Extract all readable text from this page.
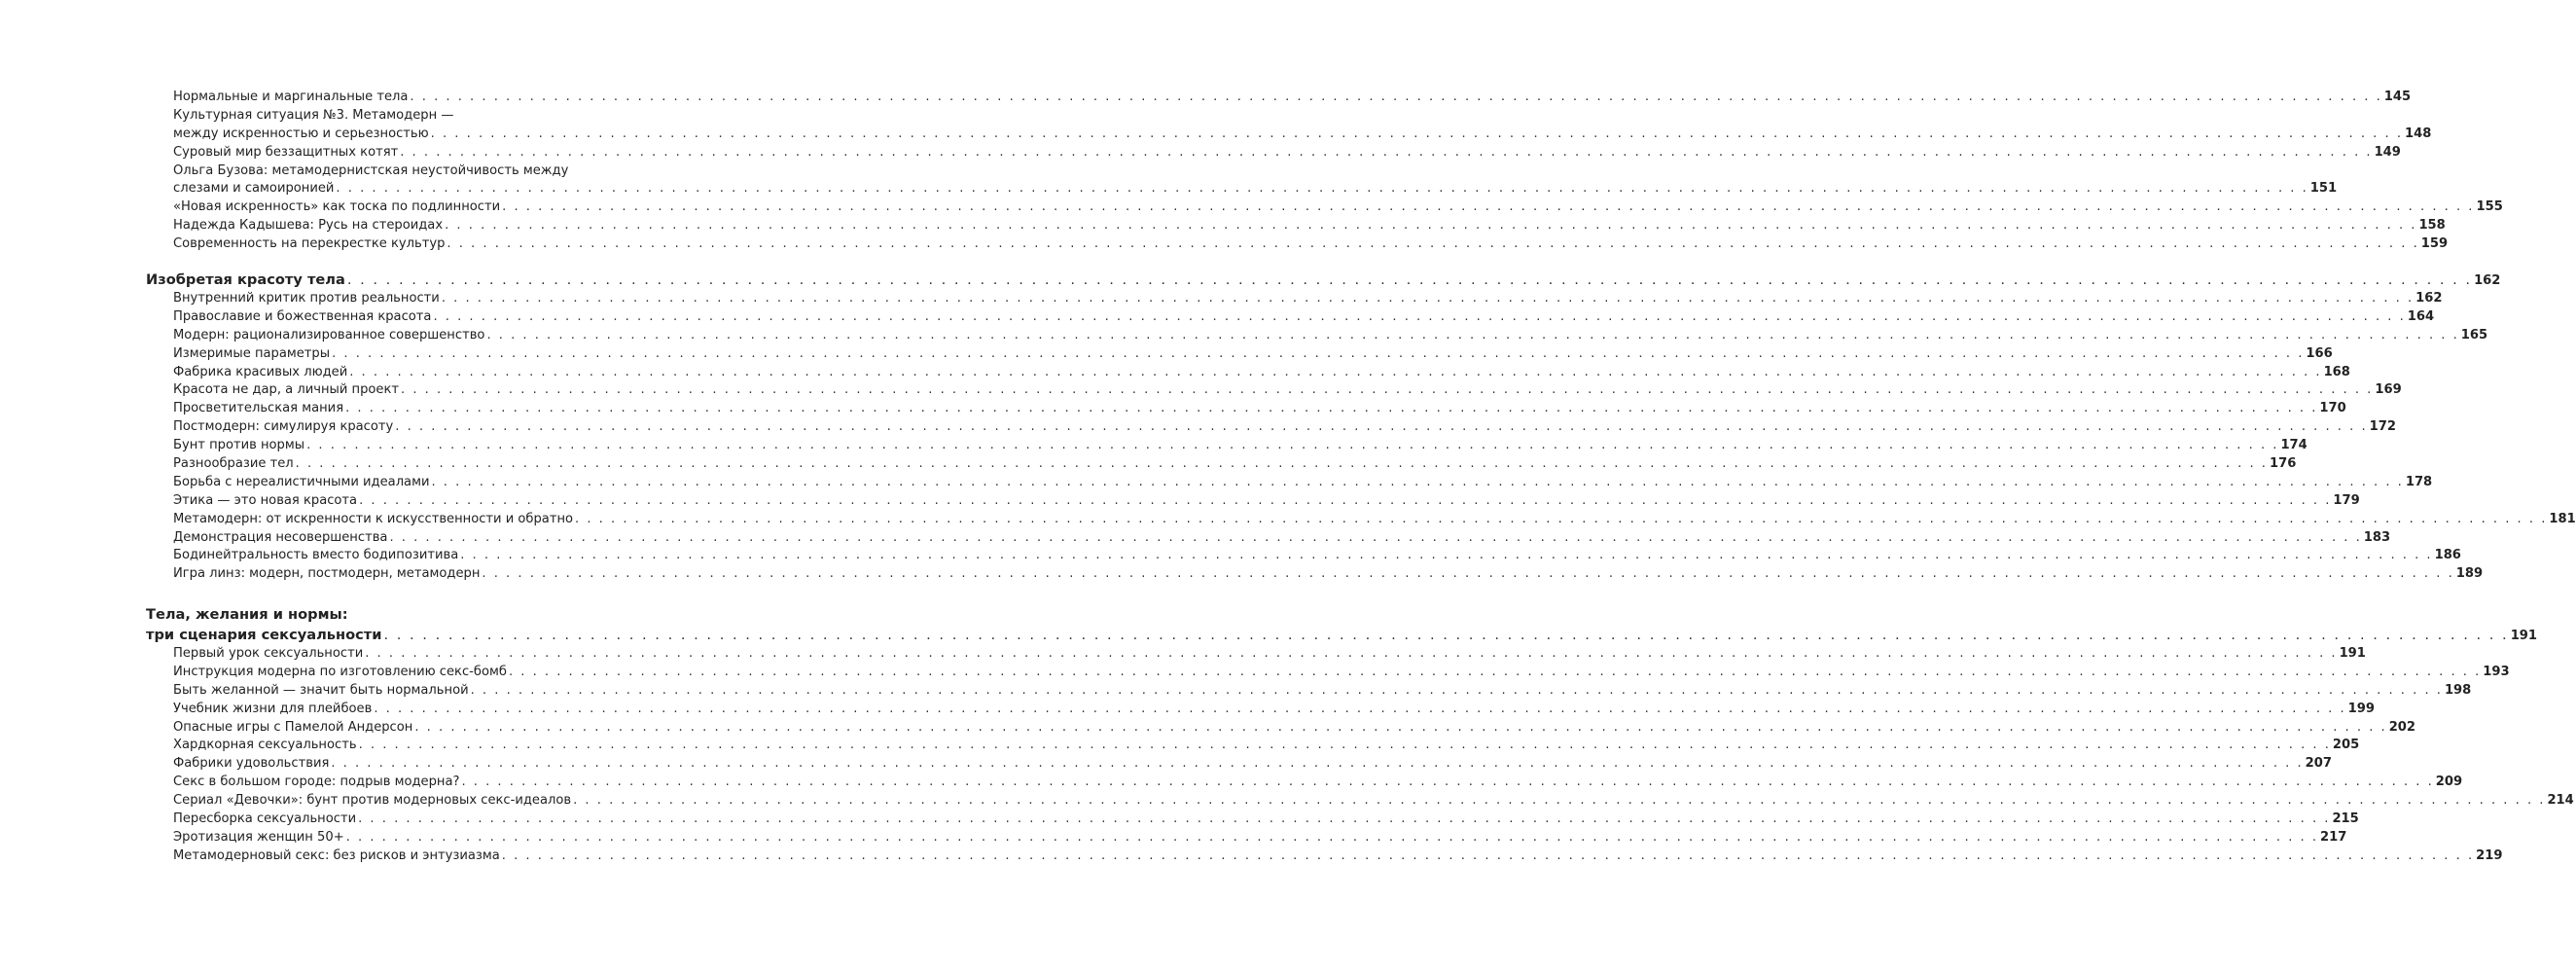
Нормальные и маргинальные тела . . .	145
Культурная ситуация №3. Метамодерн —
между искренностью и серьезностью . . .	148
Суровый мир беззащитных котят . . .	149
Ольга Бузова: метамодернистская неустойчивость между
слезами и самоиронией . . .	151
«Новая искренность» как тоска по подлинности . . .	155
Надежда Кадышева: Русь на стероидах . . .	158
Современность на перекрестке культур . . .	159
Изобретая красоту тела . . .	162
Внутренний критик против реальности . . .	162
Православие и божественная красота . . .	164
Модерн: рационализированное совершенство . . .	165
Измеримые параметры . . .	166
Фабрика красивых людей . . .	168
Красота не дар, а личный проект . . .	169
Просветительская мания . . .	170
Постмодерн: симулируя красоту . . .	172
Бунт против нормы . . .	174
Разнообразие тел . . .	176
Борьба с нереалистичными идеалами . . .	178
Этика — это новая красота . . .	179
Метамодерн: от искренности к искусственности и обратно . . .	181
Демонстрация несовершенства . . .	183
Бодинейтральность вместо бодипозитива . . .	186
Игра линз: модерн, постмодерн, метамодерн . . .	189
Тела, желания и нормы:
три сценария сексуальности . . .	191
Первый урок сексуальности . . .	191
Инструкция модерна по изготовлению секс-бомб . . .	193
Быть желанной — значит быть нормальной . . .	198
Учебник жизни для плейбоев . . .	199
Опасные игры с Памелой Андерсон . . .	202
Хардкорная сексуальность . . .	205
Фабрики удовольствия . . .	207
Секс в большом городе: подрыв модерна? . . .	209
Сериал «Девочки»: бунт против модерновых секс-идеалов . . .	214
Пересборка сексуальности . . .	215
Эротизация женщин 50+ . . .	217
Метамодерновый секс: без рисков и энтузиазма . . .	219
